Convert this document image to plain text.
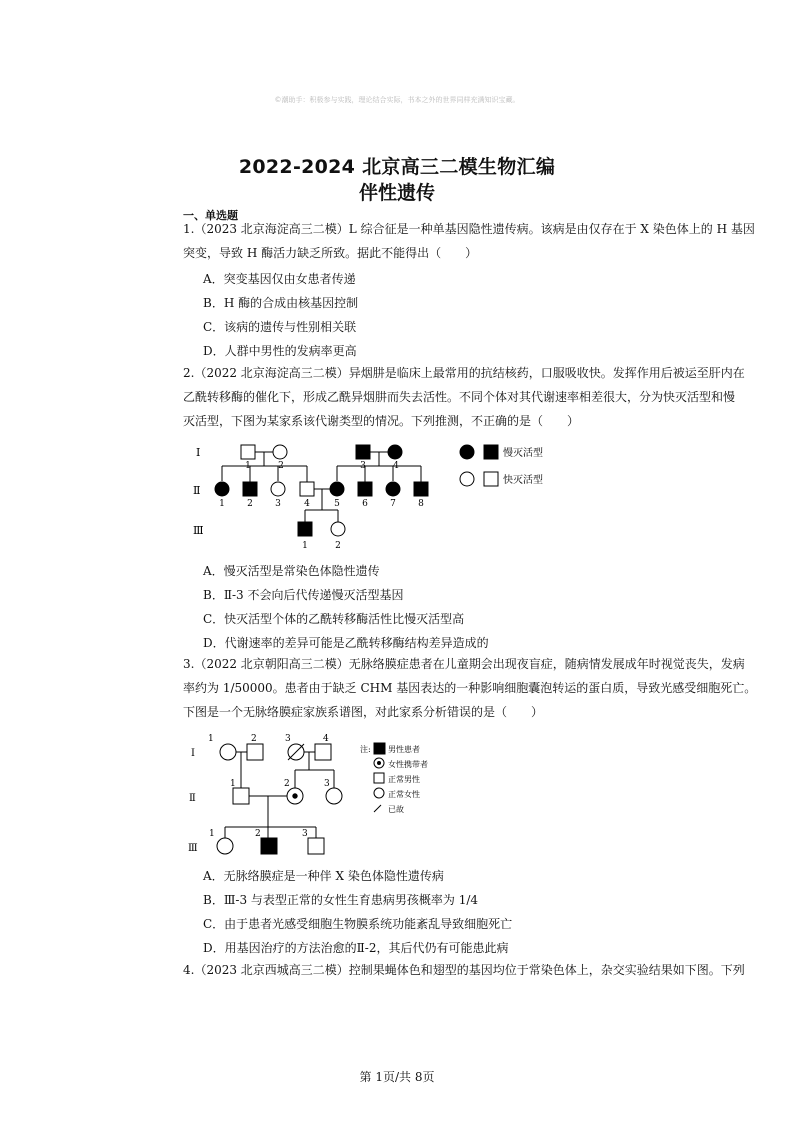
©潮助手：积极参与实践，理论结合实际，书本之外的世界同样充满知识宝藏。
2022-2024 北京高三二模生物汇编
伴性遗传
一、单选题
1.（2023 北京海淀高三二模）L 综合征是一种单基因隐性遗传病。该病是由仅存在于 X 染色体上的 H 基因
突变，导致 H 酶活力缺乏所致。据此不能得出（　　）
A．突变基因仅由女患者传递
B．H 酶的合成由核基因控制
C．该病的遗传与性别相关联
D．人群中男性的发病率更高
2.（2022 北京海淀高三二模）异烟肼是临床上最常用的抗结核药，口服吸收快。发挥作用后被运至肝内在
乙酰转移酶的催化下，形成乙酰异烟肼而失去活性。不同个体对其代谢速率相差很大，分为快灭活型和慢
灭活型，下图为某家系该代谢类型的情况。下列推测，不正确的是（　　）
Ⅰ
Ⅱ
Ⅲ
1	2	3	4
1 2 3	4	5 6 7 8
1	2
慢灭活型
快灭活型
A．慢灭活型是常染色体隐性遗传
B．Ⅱ-3 不会向后代传递慢灭活型基因
C．快灭活型个体的乙酰转移酶活性比慢灭活型高
D．代谢速率的差异可能是乙酰转移酶结构差异造成的
3.（2022 北京朝阳高三二模）无脉络膜症患者在儿童期会出现夜盲症，随病情发展成年时视觉丧失，发病
率约为 1/50000。患者由于缺乏 CHM 基因表达的一种影响细胞囊泡转运的蛋白质，导致光感受细胞死亡。
下图是一个无脉络膜症家族系谱图，对此家系分析错误的是（　　）
Ⅰ
Ⅱ
Ⅲ
1	2	3	4
1	2	3
1	2	3
注: 男性患者
女性携带者
正常男性
正常女性
已故
A．无脉络膜症是一种伴 X 染色体隐性遗传病
B．Ⅲ-3 与表型正常的女性生育患病男孩概率为 1/4
C．由于患者光感受细胞生物膜系统功能紊乱导致细胞死亡
D．用基因治疗的方法治愈的Ⅱ-2，其后代仍有可能患此病
4.（2023 北京西城高三二模）控制果蝇体色和翅型的基因均位于常染色体上，杂交实验结果如下图。下列
第 1页/共 8页
